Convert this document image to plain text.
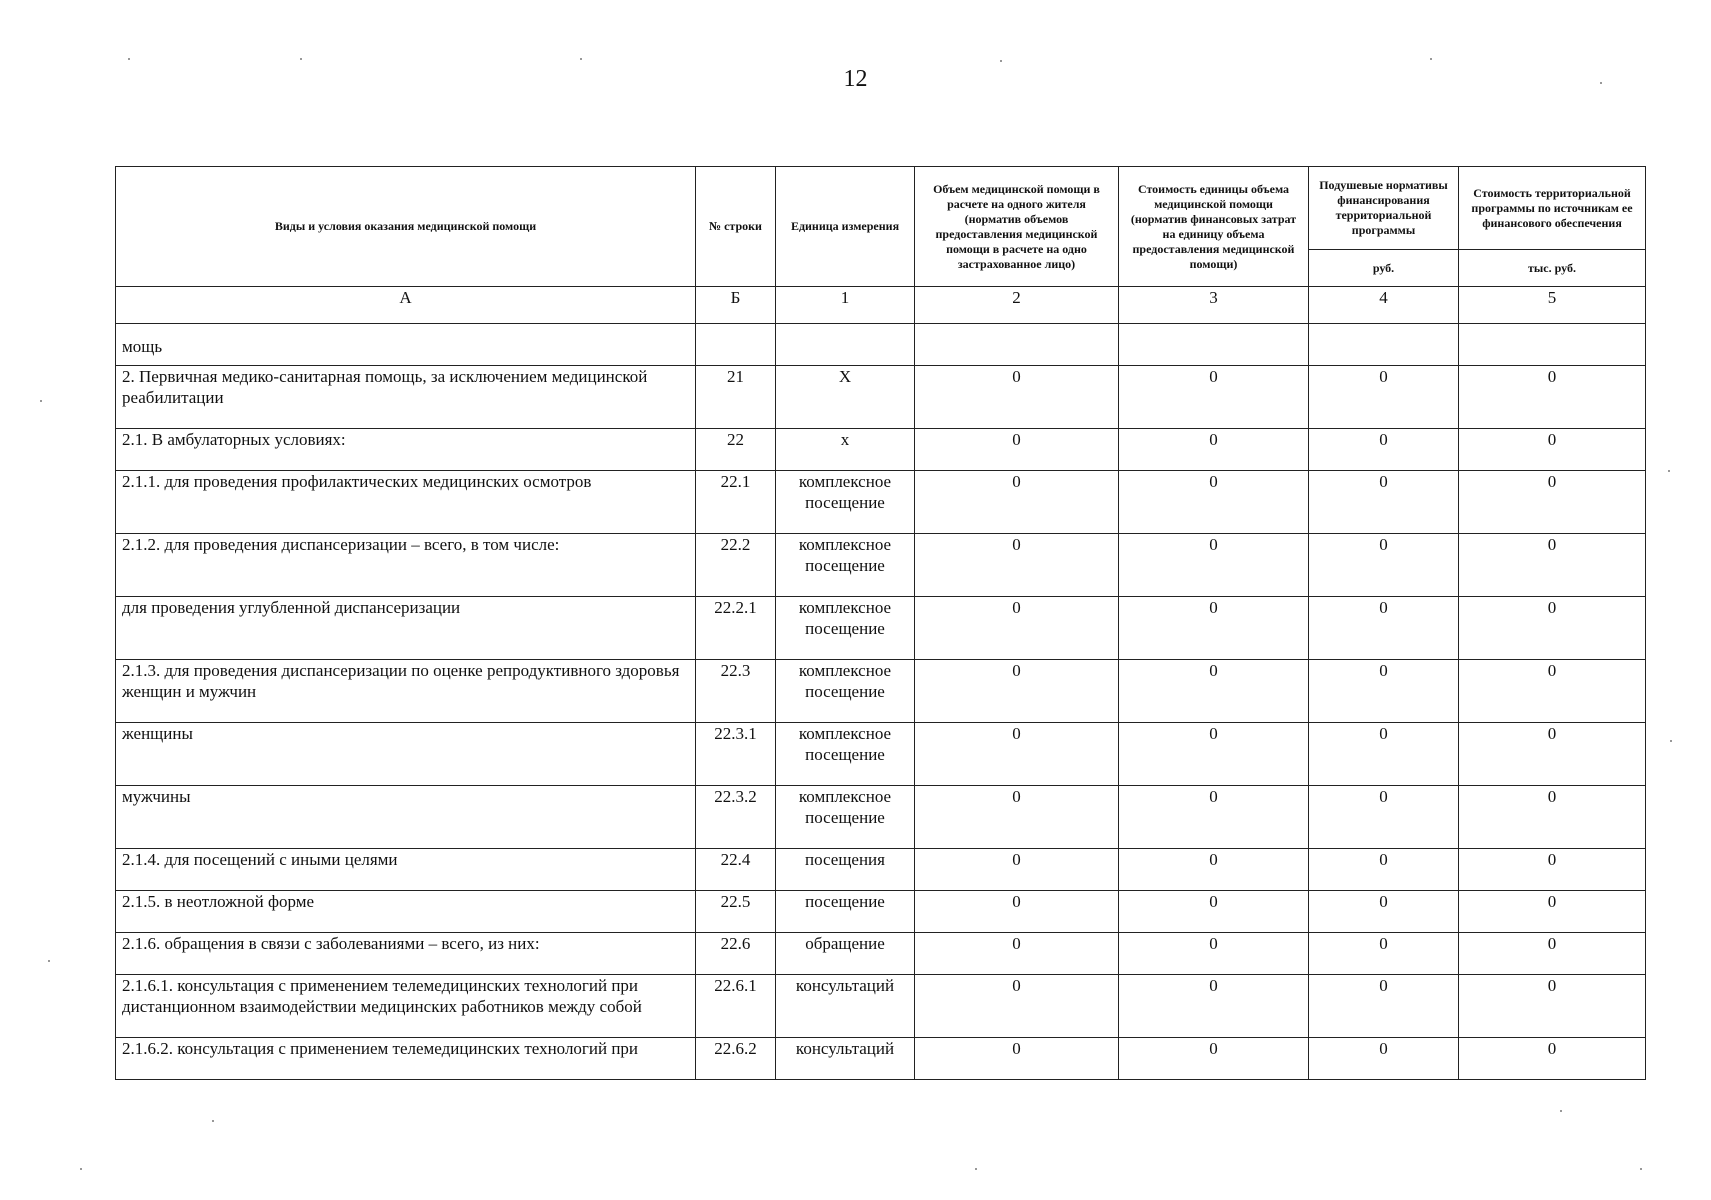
12
Виды и условия оказания медицинской помощи	№ строки	Единица измерения	Объем медицинской помощи в расчете на одного жителя (норматив объемов предоставления медицинской помощи в расчете на одно застрахованное лицо)	Стоимость единицы объема медицинской помощи (норматив финансовых затрат на единицу объема предоставления медицинской помощи)	Подушевые нормативы финансирования территориальной программы	Стоимость территориальной программы по источникам ее финансового обеспечения
					руб.	тыс. руб.
А	Б	1	2	3	4	5
мощь						
2. Первичная медико-санитарная помощь, за исключением медицинской реабилитации	21	Х	0	0	0	0
2.1. В амбулаторных условиях:	22	х	0	0	0	0
2.1.1. для проведения профилактических медицинских осмотров	22.1	комплексное посещение	0	0	0	0
2.1.2. для проведения диспансеризации – всего, в том числе:	22.2	комплексное посещение	0	0	0	0
для проведения углубленной диспансеризации	22.2.1	комплексное посещение	0	0	0	0
2.1.3. для проведения диспансеризации по оценке репродуктивного здоровья женщин и мужчин	22.3	комплексное посещение	0	0	0	0
женщины	22.3.1	комплексное посещение	0	0	0	0
мужчины	22.3.2	комплексное посещение	0	0	0	0
2.1.4. для посещений с иными целями	22.4	посещения	0	0	0	0
2.1.5. в неотложной форме	22.5	посещение	0	0	0	0
2.1.6. обращения в связи с заболеваниями – всего, из них:	22.6	обращение	0	0	0	0
2.1.6.1. консультация с применением телемедицинских технологий при дистанционном взаимодействии медицинских работников между собой	22.6.1	консультаций	0	0	0	0
2.1.6.2. консультация с применением телемедицинских технологий при	22.6.2	консультаций	0	0	0	0
